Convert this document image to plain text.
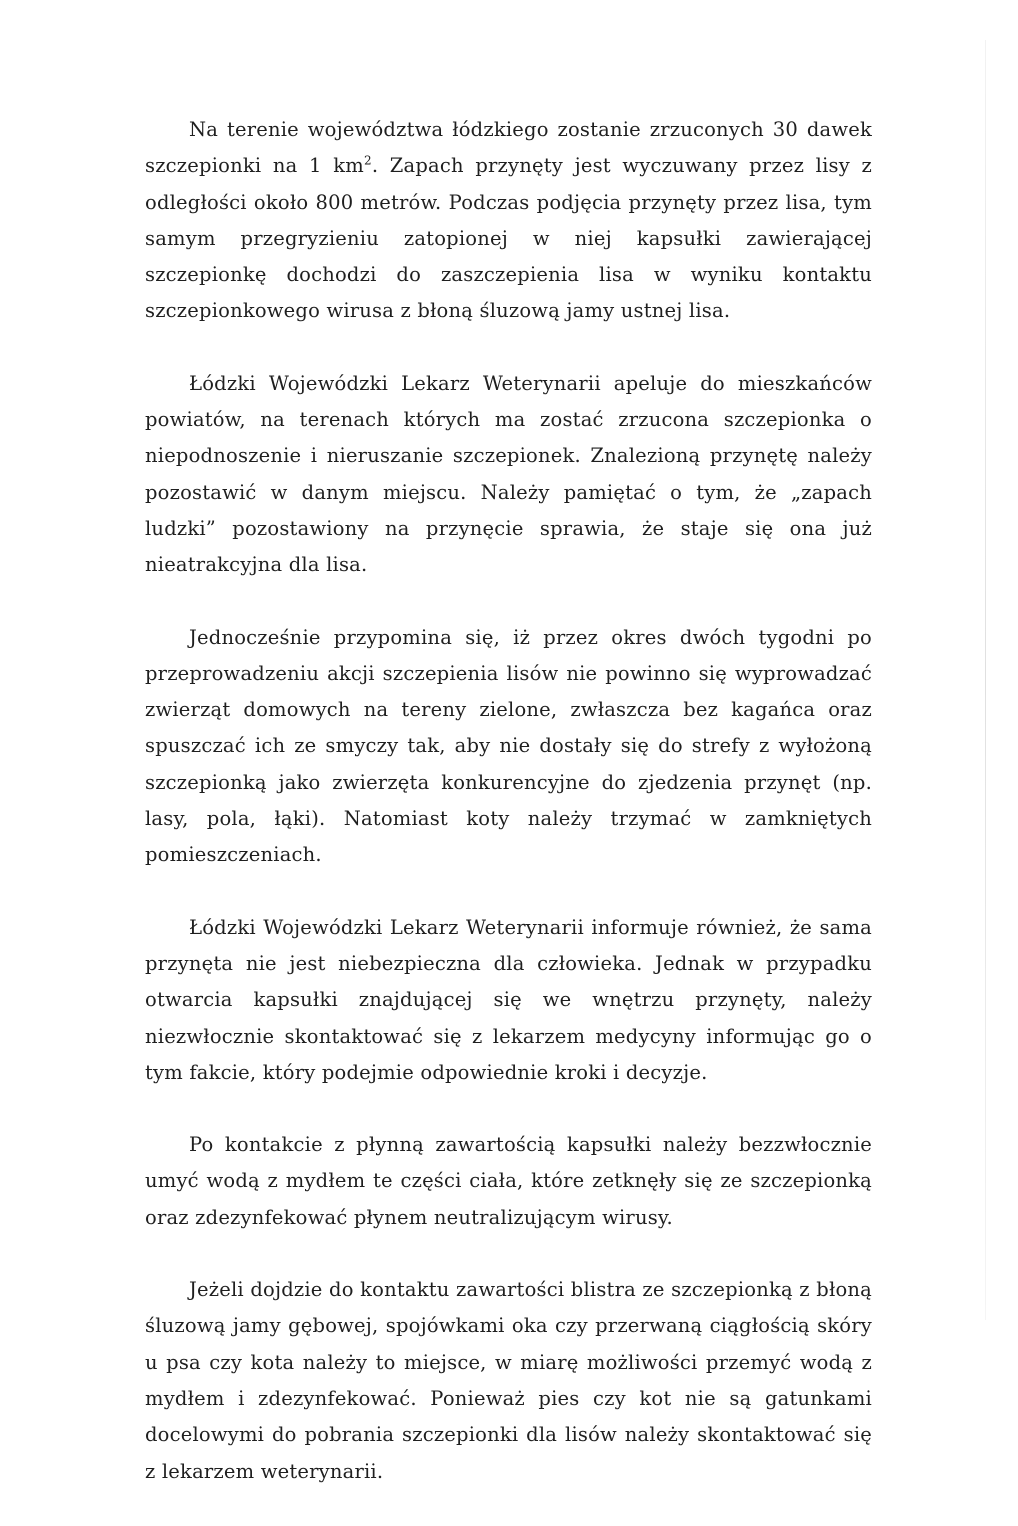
Na terenie województwa łódzkiego zostanie zrzuconych 30 dawek szczepionki na 1 $km^2$. Zapach przynęty jest wyczuwany przez lisy z odległości około 800 metrów. Podczas podjęcia przynęty przez lisa, tym samym przegryzieniu zatopionej w niej kapsułki zawierającej szczepionkę dochodzi do zaszczepienia lisa w wyniku kontaktu szczepionkowego wirusa z błoną śluzową jamy ustnej lisa.

Łódzki Wojewódzki Lekarz Weterynarii apeluje do mieszkańców powiatów, na terenach których ma zostać zrzucona szczepionka o niepodnoszenie i nieruszanie szczepionek. Znalezioną przynętę należy pozostawić w danym miejscu. Należy pamiętać o tym, że „zapach ludzki” pozostawiony na przynęcie sprawia, że staje się ona już nieatrakcyjna dla lisa.

Jednocześnie przypomina się, iż przez okres dwóch tygodni po przeprowadzeniu akcji szczepienia lisów nie powinno się wyprowadzać zwierząt domowych na tereny zielone, zwłaszcza bez kagańca oraz spuszczać ich ze smyczy tak, aby nie dostały się do strefy z wyłożoną szczepionką jako zwierzęta konkurencyjne do zjedzenia przynęt (np. lasy, pola, łąki). Natomiast koty należy trzymać w zamkniętych pomieszczeniach.

Łódzki Wojewódzki Lekarz Weterynarii informuje również, że sama przynęta nie jest niebezpieczna dla człowieka. Jednak w przypadku otwarcia kapsułki znajdującej się we wnętrzu przynęty, należy niezwłocznie skontaktować się z lekarzem medycyny informując go o tym fakcie, który podejmie odpowiednie kroki i decyzje.

Po kontakcie z płynną zawartością kapsułki należy bezzwłocznie umyć wodą z mydłem te części ciała, które zetknęły się ze szczepionką oraz zdezynfekować płynem neutralizującym wirusy.

Jeżeli dojdzie do kontaktu zawartości blistra ze szczepionką z błoną śluzową jamy gębowej, spojówkami oka czy przerwaną ciągłością skóry u psa czy kota należy to miejsce, w miarę możliwości przemyć wodą z mydłem i zdezynfekować. Ponieważ pies czy kot nie są gatunkami docelowymi do pobrania szczepionki dla lisów należy skontaktować się z lekarzem weterynarii.
